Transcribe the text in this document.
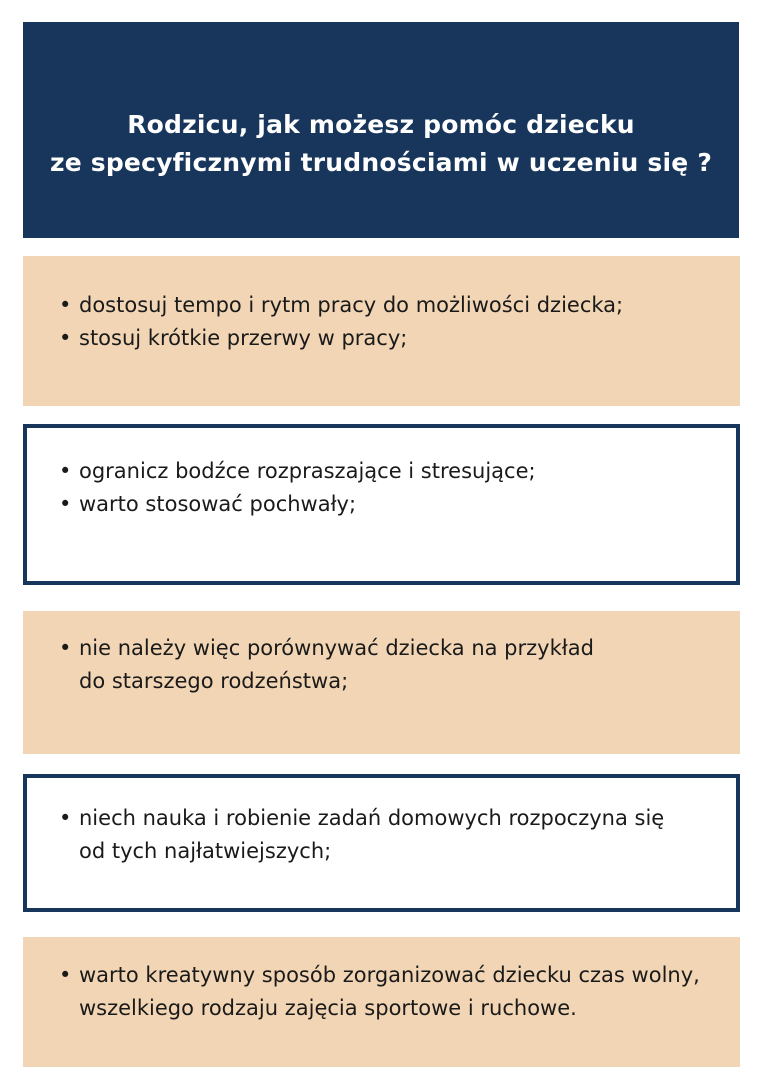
Rodzicu, jak możesz pomóc dziecku
ze specyficznymi trudnościami w uczeniu się ?
• dostosuj tempo i rytm pracy do możliwości dziecka;
• stosuj krótkie przerwy w pracy;
• ogranicz bodźce rozpraszające i stresujące;
• warto stosować pochwały;
• nie należy więc porównywać dziecka na przykład
do starszego rodzeństwa;
• niech nauka i robienie zadań domowych rozpoczyna się
od tych najłatwiejszych;
• warto kreatywny sposób zorganizować dziecku czas wolny,
wszelkiego rodzaju zajęcia sportowe i ruchowe.
